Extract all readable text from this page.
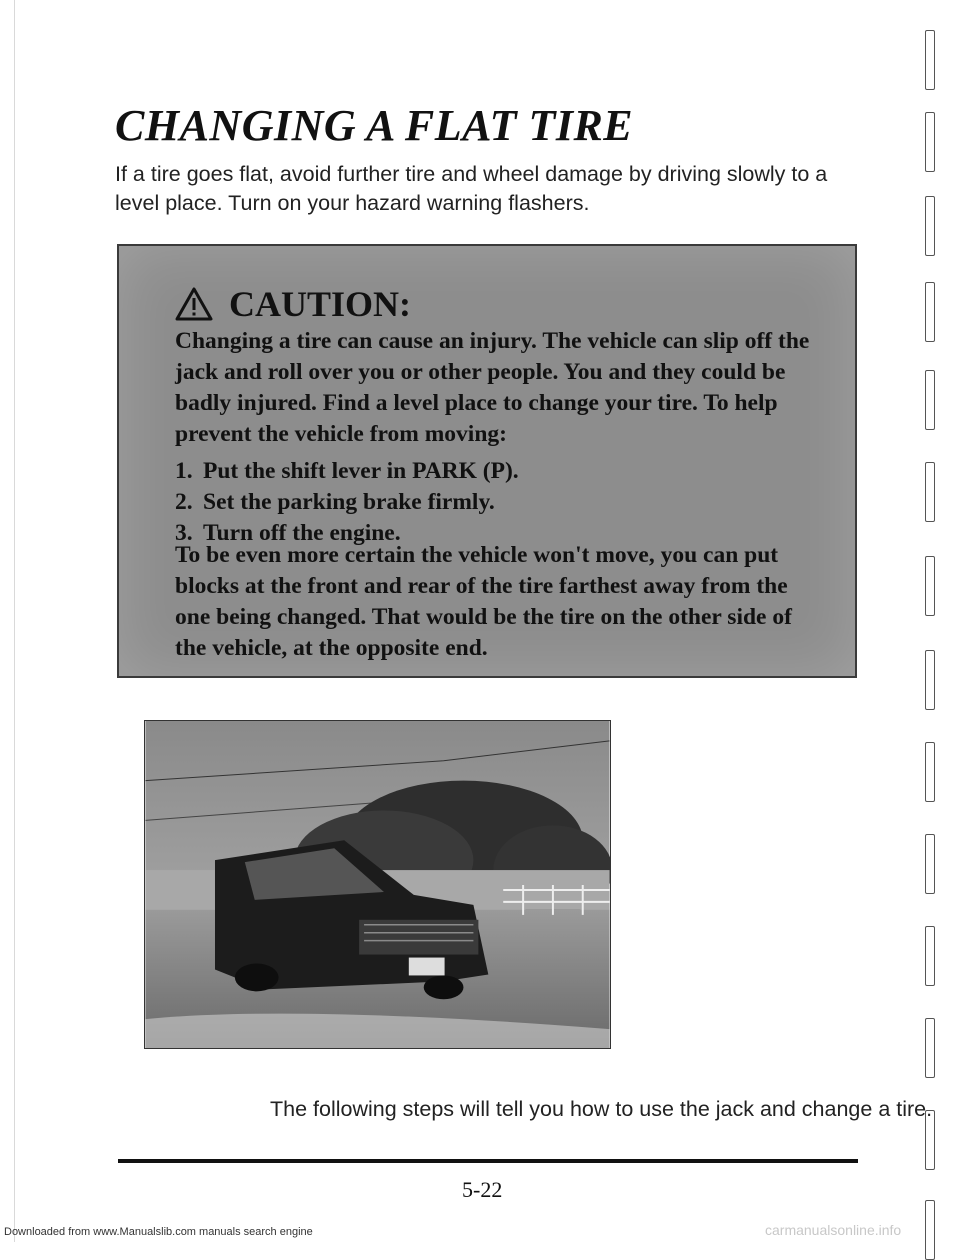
CHANGING A FLAT TIRE

If a tire goes flat, avoid further tire and wheel damage by driving slowly to a level place. Turn on your hazard warning flashers.

CAUTION:

Changing a tire can cause an injury. The vehicle can slip off the jack and roll over you or other people. You and they could be badly injured. Find a level place to change your tire. To help prevent the vehicle from moving:

1. Put the shift lever in PARK (P).
2. Set the parking brake firmly.
3. Turn off the engine.

To be even more certain the vehicle won't move, you can put blocks at the front and rear of the tire farthest away from the one being changed. That would be the tire on the other side of the vehicle, at the opposite end.

The following steps will tell you how to use the jack and change a tire.

5-22
Downloaded from www.Manualslib.com manuals search engine	carmanualsonline.info
